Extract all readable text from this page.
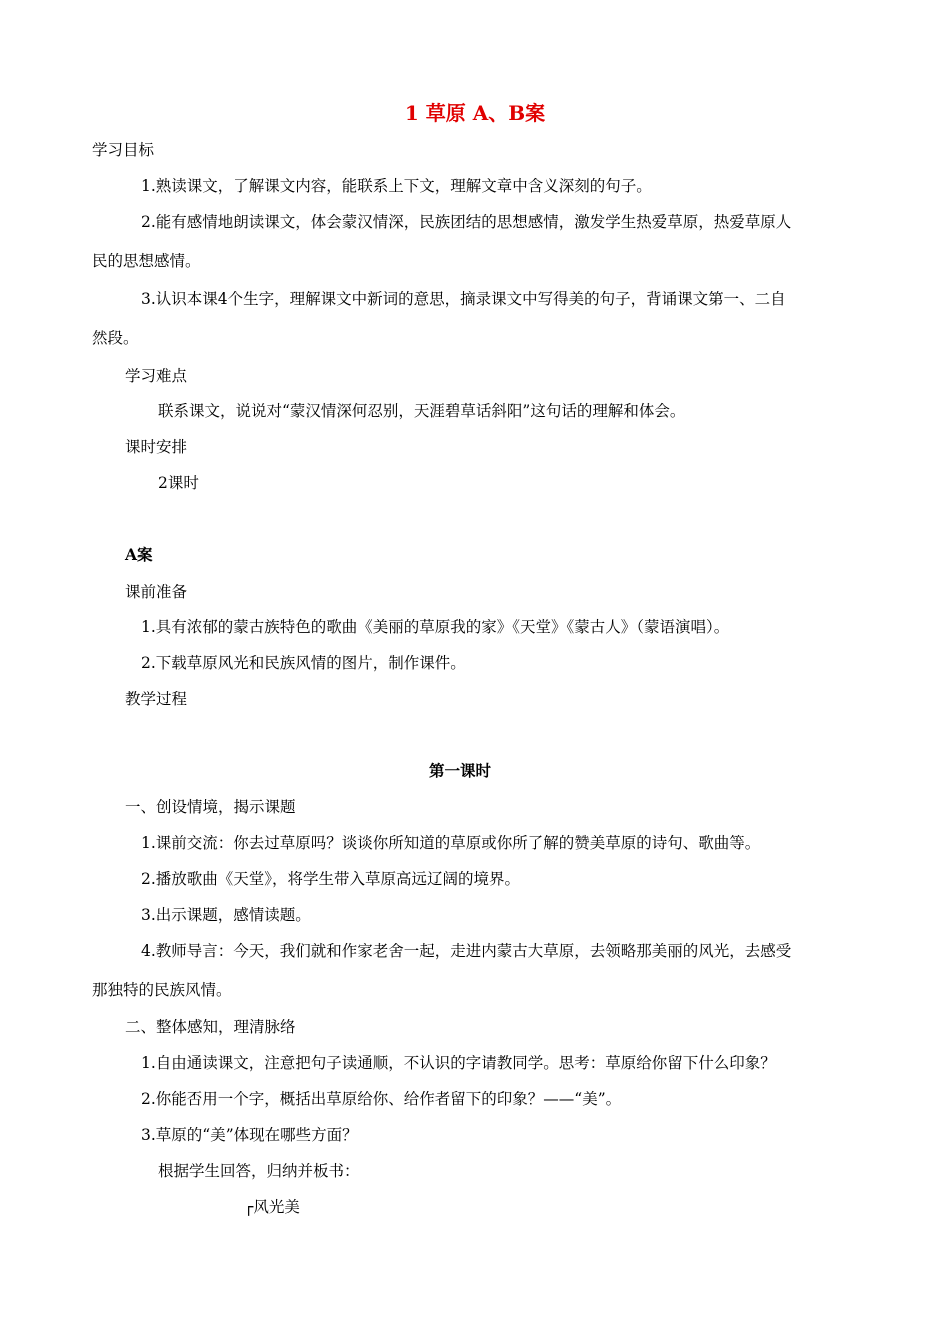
1 草原 A、B案
学习目标
1.熟读课文，了解课文内容，能联系上下文，理解文章中含义深刻的句子。
2.能有感情地朗读课文，体会蒙汉情深，民族团结的思想感情，激发学生热爱草原，热爱草原人
民的思想感情。
3.认识本课4个生字，理解课文中新词的意思，摘录课文中写得美的句子，背诵课文第一、二自
然段。
学习难点
联系课文，说说对“蒙汉情深何忍别，天涯碧草话斜阳”这句话的理解和体会。
课时安排
2课时
A案
课前准备
1.具有浓郁的蒙古族特色的歌曲《美丽的草原我的家》《天堂》《蒙古人》（蒙语演唱）。
2.下载草原风光和民族风情的图片，制作课件。
教学过程
第一课时
一、创设情境，揭示课题
1.课前交流：你去过草原吗？谈谈你所知道的草原或你所了解的赞美草原的诗句、歌曲等。
2.播放歌曲《天堂》，将学生带入草原高远辽阔的境界。
3.出示课题，感情读题。
4.教师导言：今天，我们就和作家老舍一起，走进内蒙古大草原，去领略那美丽的风光，去感受
那独特的民族风情。
二、整体感知，理清脉络
1.自由通读课文，注意把句子读通顺，不认识的字请教同学。思考：草原给你留下什么印象？
2.你能否用一个字，概括出草原给你、给作者留下的印象？——“美”。
3.草原的“美”体现在哪些方面？
根据学生回答，归纳并板书：
┌风光美
